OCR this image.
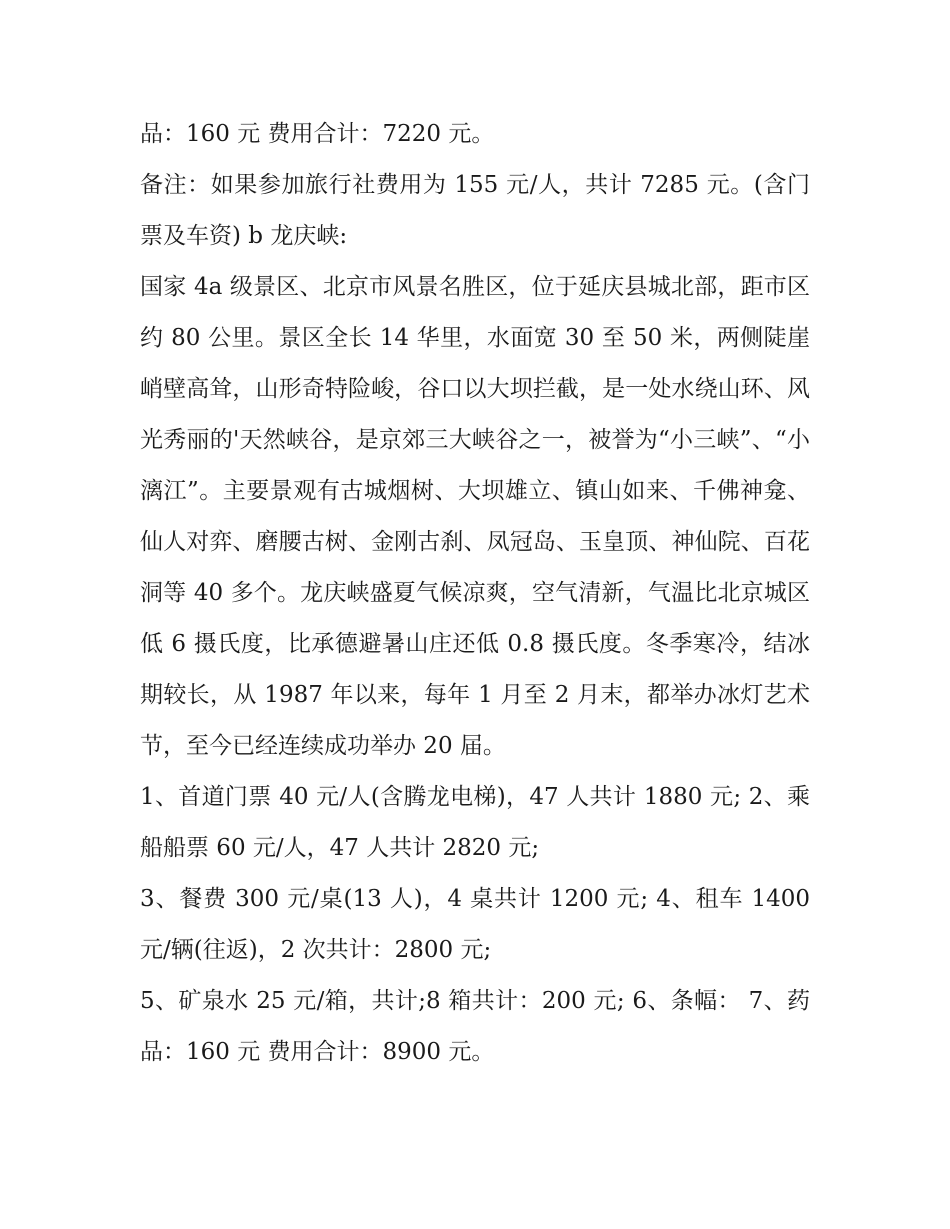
品：160 元 费用合计：7220 元。

备注：如果参加旅行社费用为 155 元/人，共计 7285 元。(含门票及车资) b 龙庆峡:

国家 4a 级景区、北京市风景名胜区，位于延庆县城北部，距市区约 80 公里。景区全长 14 华里，水面宽 30 至 50 米，两侧陡崖峭壁高耸，山形奇特险峻，谷口以大坝拦截，是一处水绕山环、风光秀丽的'天然峡谷，是京郊三大峡谷之一，被誉为“小三峡”、“小漓江”。主要景观有古城烟树、大坝雄立、镇山如来、千佛神龛、仙人对弈、磨腰古树、金刚古刹、凤冠岛、玉皇顶、神仙院、百花洞等 40 多个。龙庆峡盛夏气候凉爽，空气清新，气温比北京城区低 6 摄氏度，比承德避暑山庄还低 0.8 摄氏度。冬季寒冷，结冰期较长，从 1987 年以来，每年 1 月至 2 月末，都举办冰灯艺术节，至今已经连续成功举办 20 届。

1、首道门票 40 元/人(含腾龙电梯)，47 人共计 1880 元; 2、乘船船票 60 元/人，47 人共计 2820 元;

3、餐费 300 元/桌(13 人)，4 桌共计 1200 元; 4、租车 1400 元/辆(往返)，2 次共计：2800 元;

5、矿泉水 25 元/箱，共计;8 箱共计：200 元; 6、条幅： 7、药品：160 元 费用合计：8900 元。
